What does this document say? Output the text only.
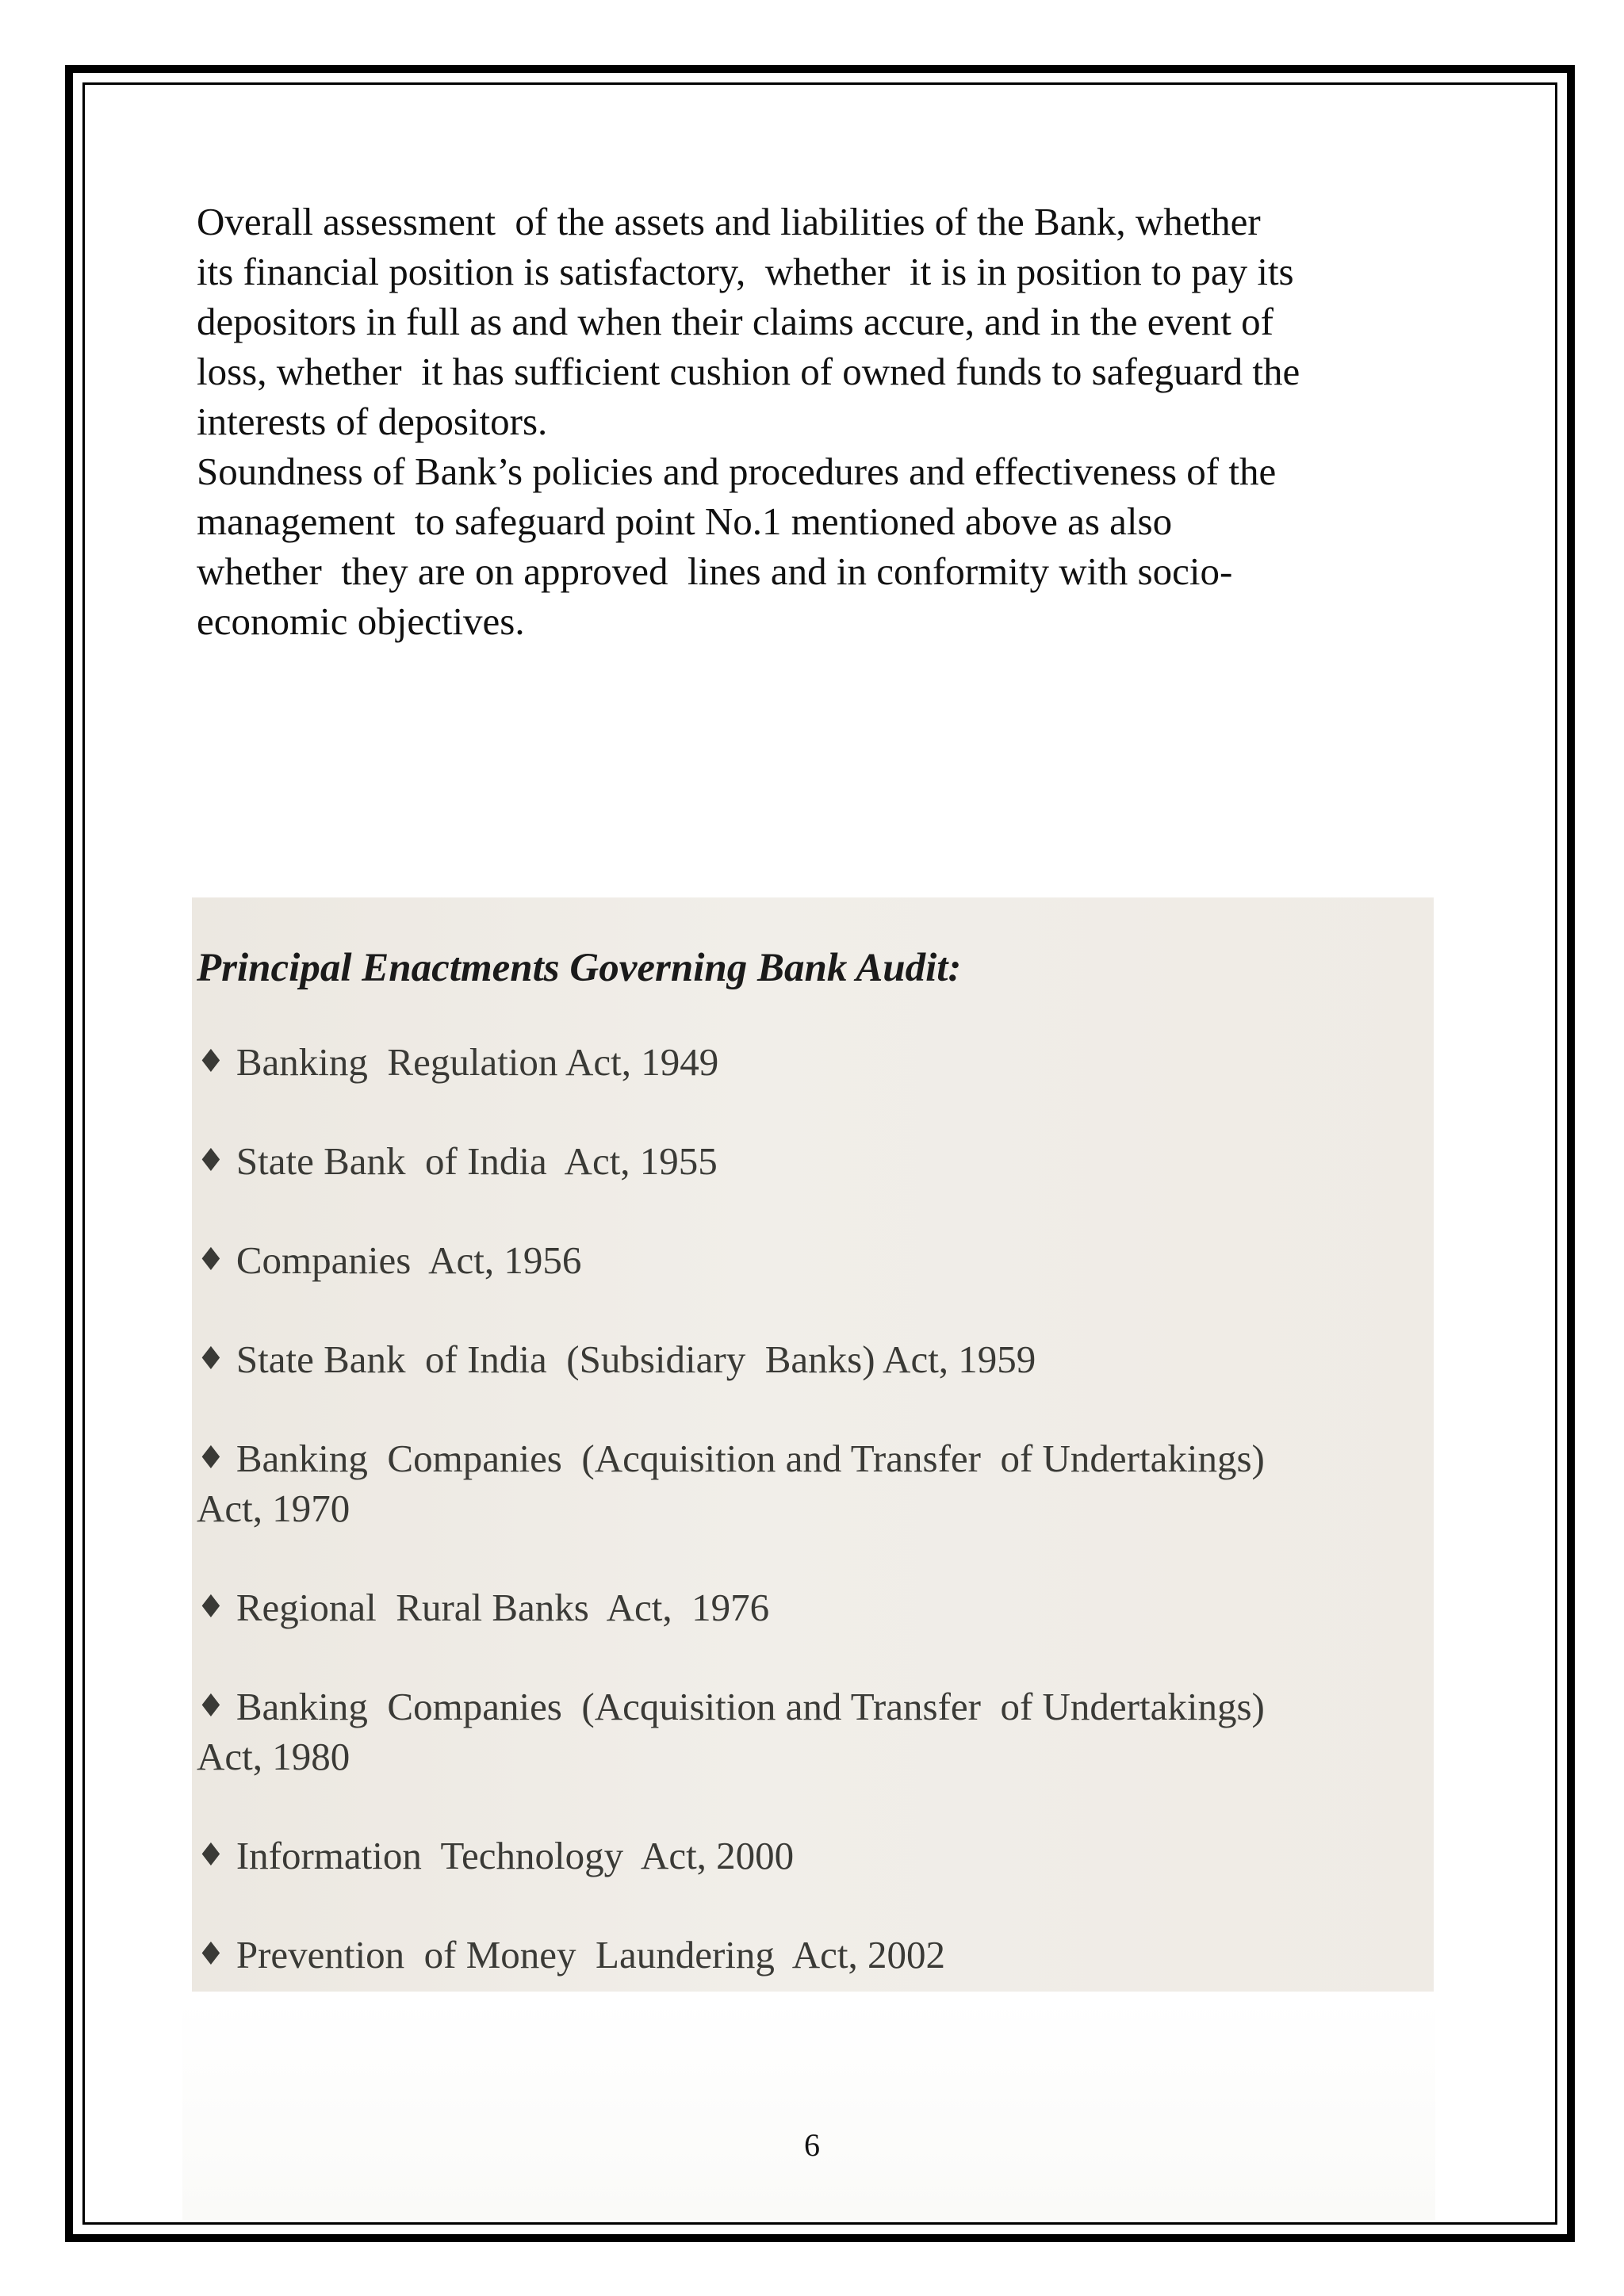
Overall assessment  of the assets and liabilities of the Bank, whether

its financial position is satisfactory,  whether  it is in position to pay its

depositors in full as and when their claims accure, and in the event of

loss, whether  it has sufficient cushion of owned funds to safeguard the

interests of depositors.

Soundness of Bank’s policies and procedures and effectiveness of the

management  to safeguard point No.1 mentioned above as also

whether  they are on approved  lines and in conformity with socio-

economic objectives.

Principal Enactments Governing Bank Audit:
♦ Banking  Regulation Act, 1949
♦ State Bank  of India  Act, 1955
♦ Companies  Act, 1956
♦ State Bank  of India  (Subsidiary  Banks) Act, 1959
♦ Banking  Companies  (Acquisition and Transfer  of Undertakings)
Act, 1970
♦ Regional  Rural Banks  Act,  1976
♦ Banking  Companies  (Acquisition and Transfer  of Undertakings)
Act, 1980
♦ Information  Technology  Act, 2000
♦ Prevention  of Money  Laundering  Act, 2002
6
